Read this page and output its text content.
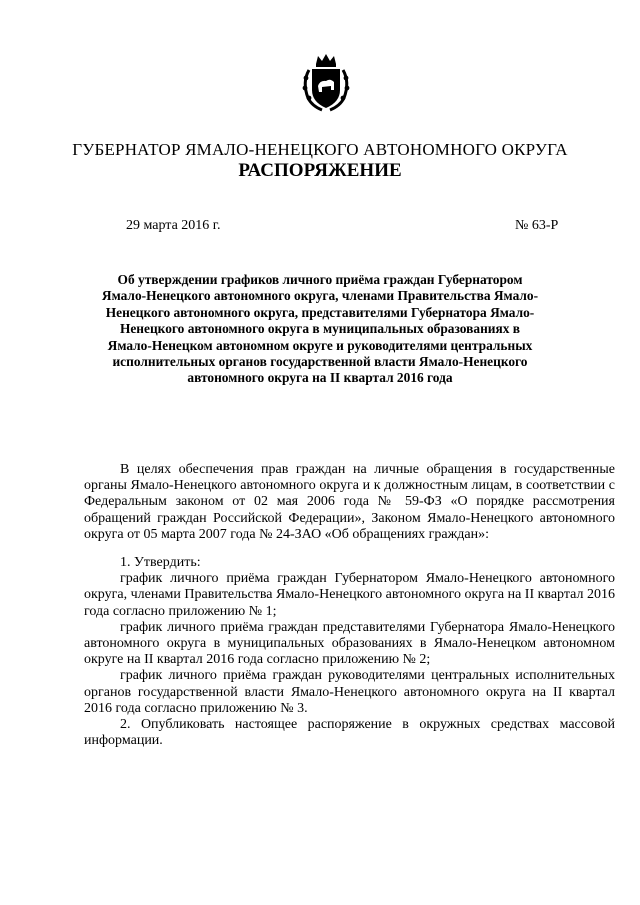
ГУБЕРНАТОР ЯМАЛО-НЕНЕЦКОГО АВТОНОМНОГО ОКРУГА
РАСПОРЯЖЕНИЕ
29 марта 2016 г.	№ 63-Р
Об утверждении графиков личного приёма граждан Губернатором Ямало-Ненецкого автономного округа, членами Правительства Ямало-Ненецкого автономного округа, представителями Губернатора Ямало-Ненецкого автономного округа в муниципальных образованиях в Ямало-Ненецком автономном округе и руководителями центральных исполнительных органов государственной власти Ямало-Ненецкого автономного округа на II квартал 2016 года

В целях обеспечения прав граждан на личные обращения в государственные органы Ямало-Ненецкого автономного округа и к должностным лицам, в соответствии с Федеральным законом от 02 мая 2006 года № 59-ФЗ «О порядке рассмотрения обращений граждан Российской Федерации», Законом Ямало-Ненецкого автономного округа от 05 марта 2007 года № 24-ЗАО «Об обращениях граждан»:

1. Утвердить:

график личного приёма граждан Губернатором Ямало-Ненецкого автономного округа, членами Правительства Ямало-Ненецкого автономного округа на II квартал 2016 года согласно приложению № 1;

график личного приёма граждан представителями Губернатора Ямало-Ненецкого автономного округа в муниципальных образованиях в Ямало-Ненецком автономном округе на II квартал 2016 года согласно приложению № 2;

график личного приёма граждан руководителями центральных исполнительных органов государственной власти Ямало-Ненецкого автономного округа на II квартал 2016 года согласно приложению № 3.

2. Опубликовать настоящее распоряжение в окружных средствах массовой информации.
